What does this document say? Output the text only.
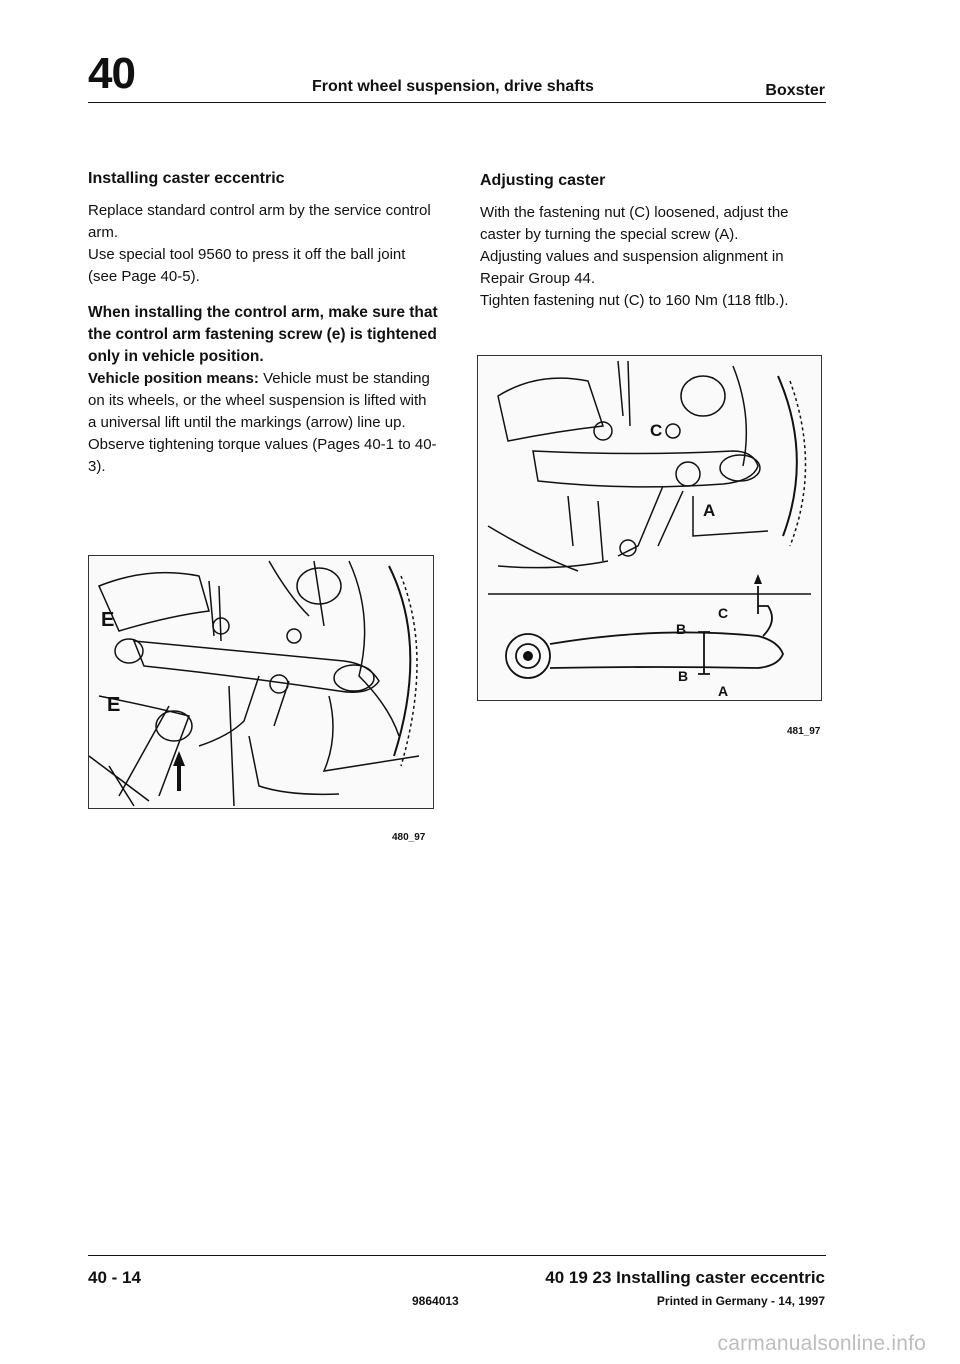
40	Front wheel suspension, drive shafts	Boxster
Installing caster eccentric

Replace standard control arm by the service control arm.

Use special tool 9560 to press it off the ball joint (see Page 40-5).

When installing the control arm, make sure that the control arm fastening screw (e) is tightened only in vehicle position.

Vehicle position means: Vehicle must be standing on its wheels, or the wheel suspension is lifted with a universal lift until the markings (arrow) line up.

Observe tightening torque values (Pages 40-1 to 40-3).

Adjusting caster

With the fastening nut (C) loosened, adjust the caster by turning the special screw (A).

Adjusting values and suspension alignment in Repair Group 44.

Tighten fastening nut (C) to 160 Nm (118 ftlb.).

E
E
480_97
C
A
B
C
B
A
481_97
40 - 14	40 19 23 Installing caster eccentric
9864013	Printed in Germany - 14, 1997
carmanualsonline.info
